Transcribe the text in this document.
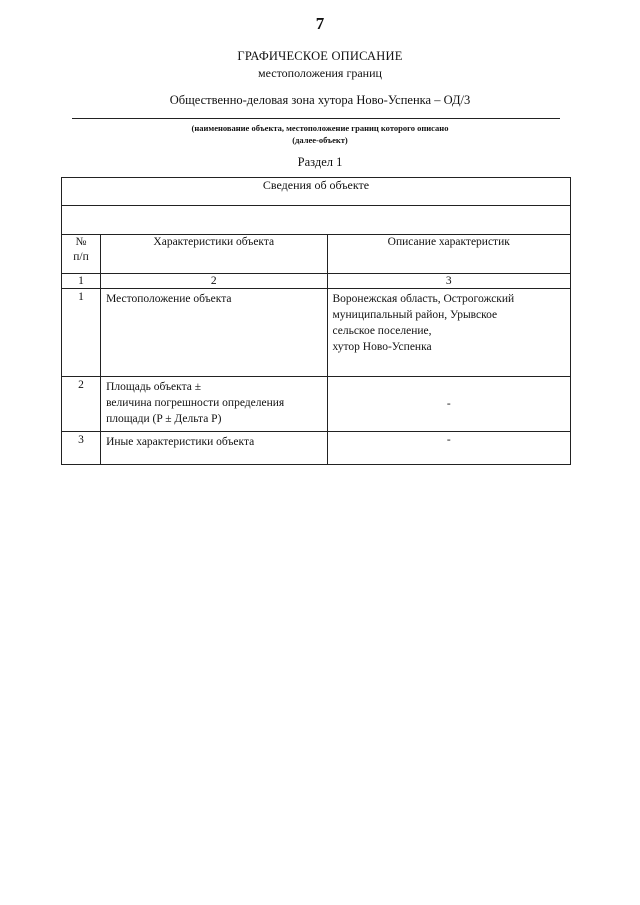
7
ГРАФИЧЕСКОЕ ОПИСАНИЕ
местоположения границ
Общественно-деловая зона хутора Ново-Успенка – ОД/3
(наименование объекта, местоположение границ которого описано
(далее-объект)
Раздел 1
Сведения об объекте		

№
п/п	Характеристики объекта	Описание характеристик
1	2	3
1	Местоположение объекта	Воронежская область, Острогожский
муниципальный район, Урывское
сельское поселение,
хутор Ново-Успенка
2	Площадь объекта ±
величина погрешности определения
площади (P ± Дельта P)	-
3	Иные характеристики объекта	-
